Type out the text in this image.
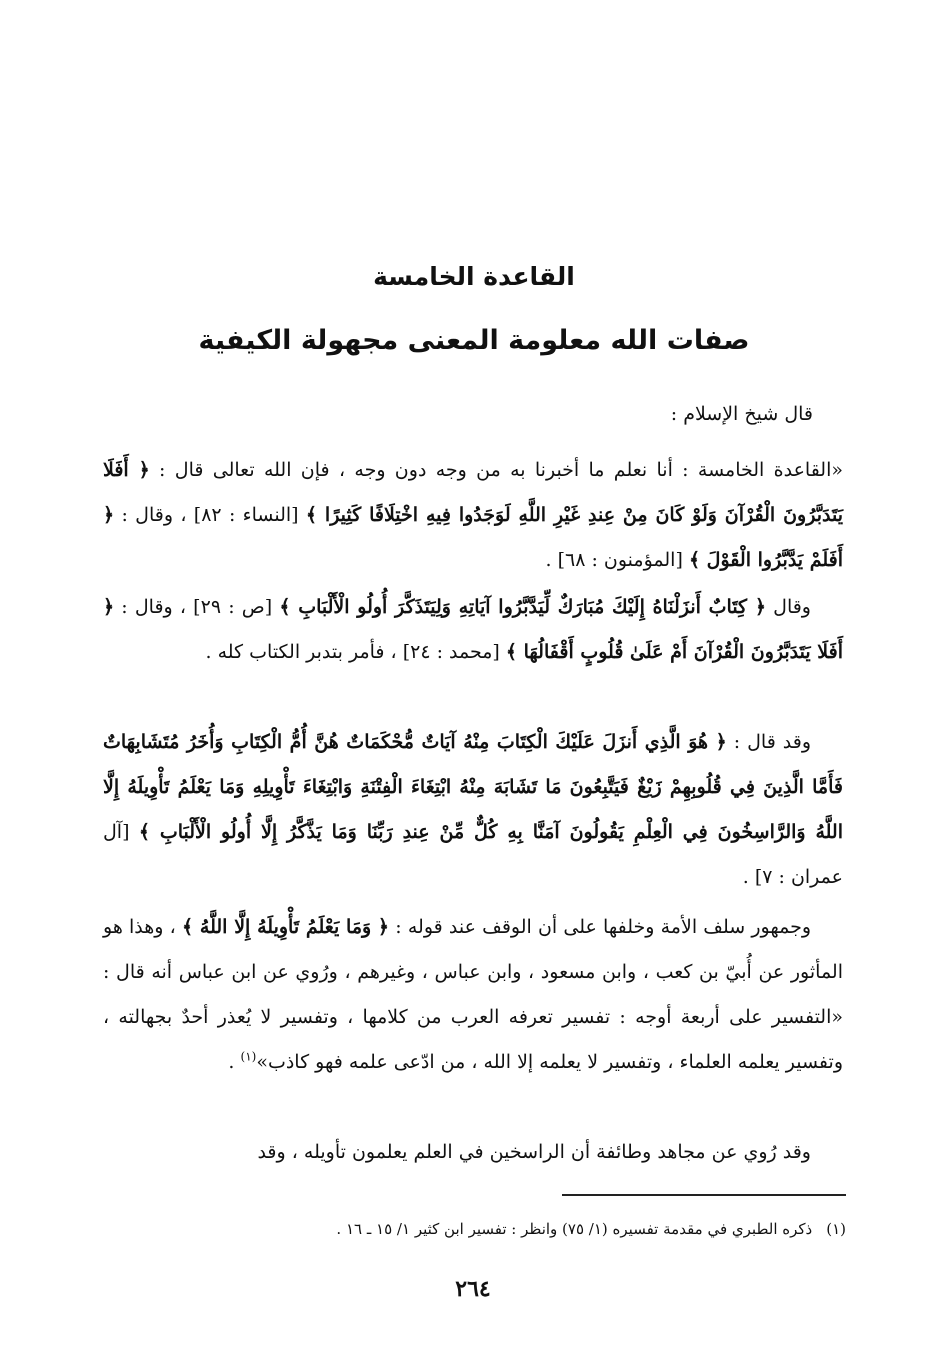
القاعدة الخامسة
صفات الله معلومة المعنى مجهولة الكيفية
قال شيخ الإسلام :
«القاعدة الخامسة : أنا نعلم ما أخبرنا به من وجه دون وجه ، فإن الله تعالى قال : ﴿ أَفَلَا يَتَدَبَّرُونَ الْقُرْآنَ وَلَوْ كَانَ مِنْ عِندِ غَيْرِ اللَّهِ لَوَجَدُوا فِيهِ اخْتِلَافًا كَثِيرًا ﴾ [النساء : ٨٢] ، وقال : ﴿ أَفَلَمْ يَدَّبَّرُوا الْقَوْلَ ﴾ [المؤمنون : ٦٨] .
وقال ﴿ كِتَابٌ أَنزَلْنَاهُ إِلَيْكَ مُبَارَكٌ لِّيَدَّبَّرُوا آيَاتِهِ وَلِيَتَذَكَّرَ أُولُو الْأَلْبَابِ ﴾ [ص : ٢٩] ، وقال : ﴿ أَفَلَا يَتَدَبَّرُونَ الْقُرْآنَ أَمْ عَلَىٰ قُلُوبٍ أَقْفَالُهَا ﴾ [محمد : ٢٤] ، فأمر بتدبر الكتاب كله .
وقد قال : ﴿ هُوَ الَّذِي أَنزَلَ عَلَيْكَ الْكِتَابَ مِنْهُ آيَاتٌ مُّحْكَمَاتٌ هُنَّ أُمُّ الْكِتَابِ وَأُخَرُ مُتَشَابِهَاتٌ فَأَمَّا الَّذِينَ فِي قُلُوبِهِمْ زَيْغٌ فَيَتَّبِعُونَ مَا تَشَابَهَ مِنْهُ ابْتِغَاءَ الْفِتْنَةِ وَابْتِغَاءَ تَأْوِيلِهِ وَمَا يَعْلَمُ تَأْوِيلَهُ إِلَّا اللَّهُ وَالرَّاسِخُونَ فِي الْعِلْمِ يَقُولُونَ آمَنَّا بِهِ كُلٌّ مِّنْ عِندِ رَبِّنَا وَمَا يَذَّكَّرُ إِلَّا أُولُو الْأَلْبَابِ ﴾ [آل عمران : ٧] .
وجمهور سلف الأمة وخلفها على أن الوقف عند قوله : ﴿ وَمَا يَعْلَمُ تَأْوِيلَهُ إِلَّا اللَّهُ ﴾ ، وهذا هو المأثور عن أُبيّ بن كعب ، وابن مسعود ، وابن عباس ، وغيرهم ، ورُوي عن ابن عباس أنه قال : «التفسير على أربعة أوجه : تفسير تعرفه العرب من كلامها ، وتفسير لا يُعذر أحدٌ بجهالته ، وتفسير يعلمه العلماء ، وتفسير لا يعلمه إلا الله ، من ادّعى علمه فهو كاذب»$^{(١)}$ .
وقد رُوي عن مجاهد وطائفة أن الراسخين في العلم يعلمون تأويله ، وقد
(١)ذكره الطبري في مقدمة تفسيره (١/ ٧٥) وانظر : تفسير ابن كثير ١/ ١٥ ـ ١٦ .
٢٦٤
